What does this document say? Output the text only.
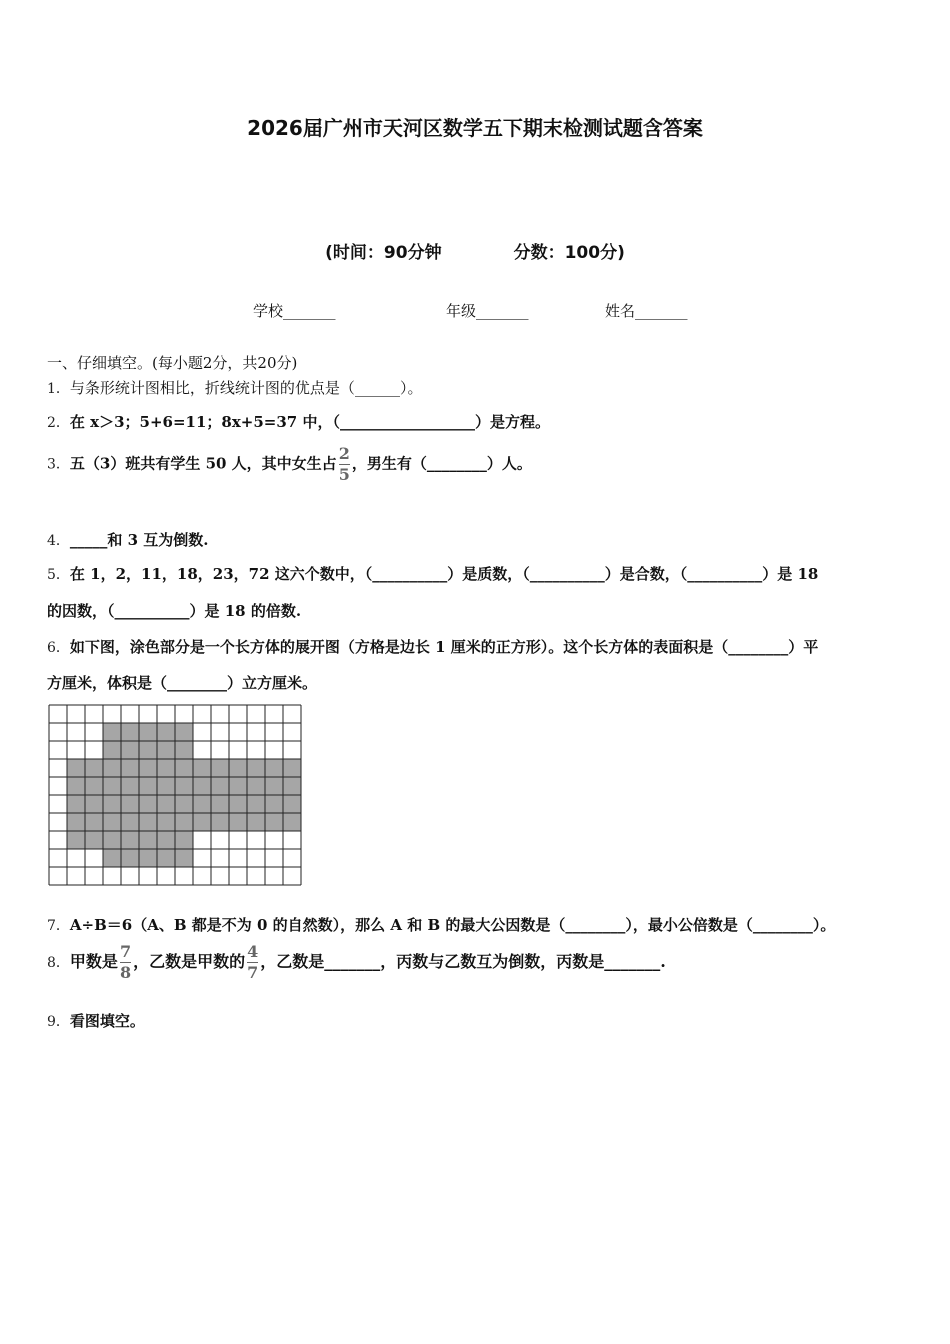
2026届广州市天河区数学五下期末检测试题含答案
(时间：90分钟	分数：100分)
学校_______	年级_______	姓名_______
一、仔细填空。(每小题2分，共20分)
1．与条形统计图相比，折线统计图的优点是（______）。
2．在 x＞3；5+6=11；8x+5=37 中，（__________________）是方程。
3．五（3）班共有学生 50 人，其中女生占 $\frac{2}{5}$ ，男生有（________）人。
4．_____和 3 互为倒数.
5．在 1，2，11，18，23，72 这六个数中，（__________）是质数，（__________）是合数，（__________）是 18
的因数，（__________）是 18 的倍数.
6．如下图，涂色部分是一个长方体的展开图（方格是边长 1 厘米的正方形）。这个长方体的表面积是（________）平
方厘米，体积是（________）立方厘米。
7．A÷B＝6（A、B 都是不为 0 的自然数），那么 A 和 B 的最大公因数是（________），最小公倍数是（________）。
8．甲数是 $\frac{7}{8}$ ，乙数是甲数的 $\frac{4}{7}$ ，乙数是_______，丙数与乙数互为倒数，丙数是_______.
9．看图填空。
